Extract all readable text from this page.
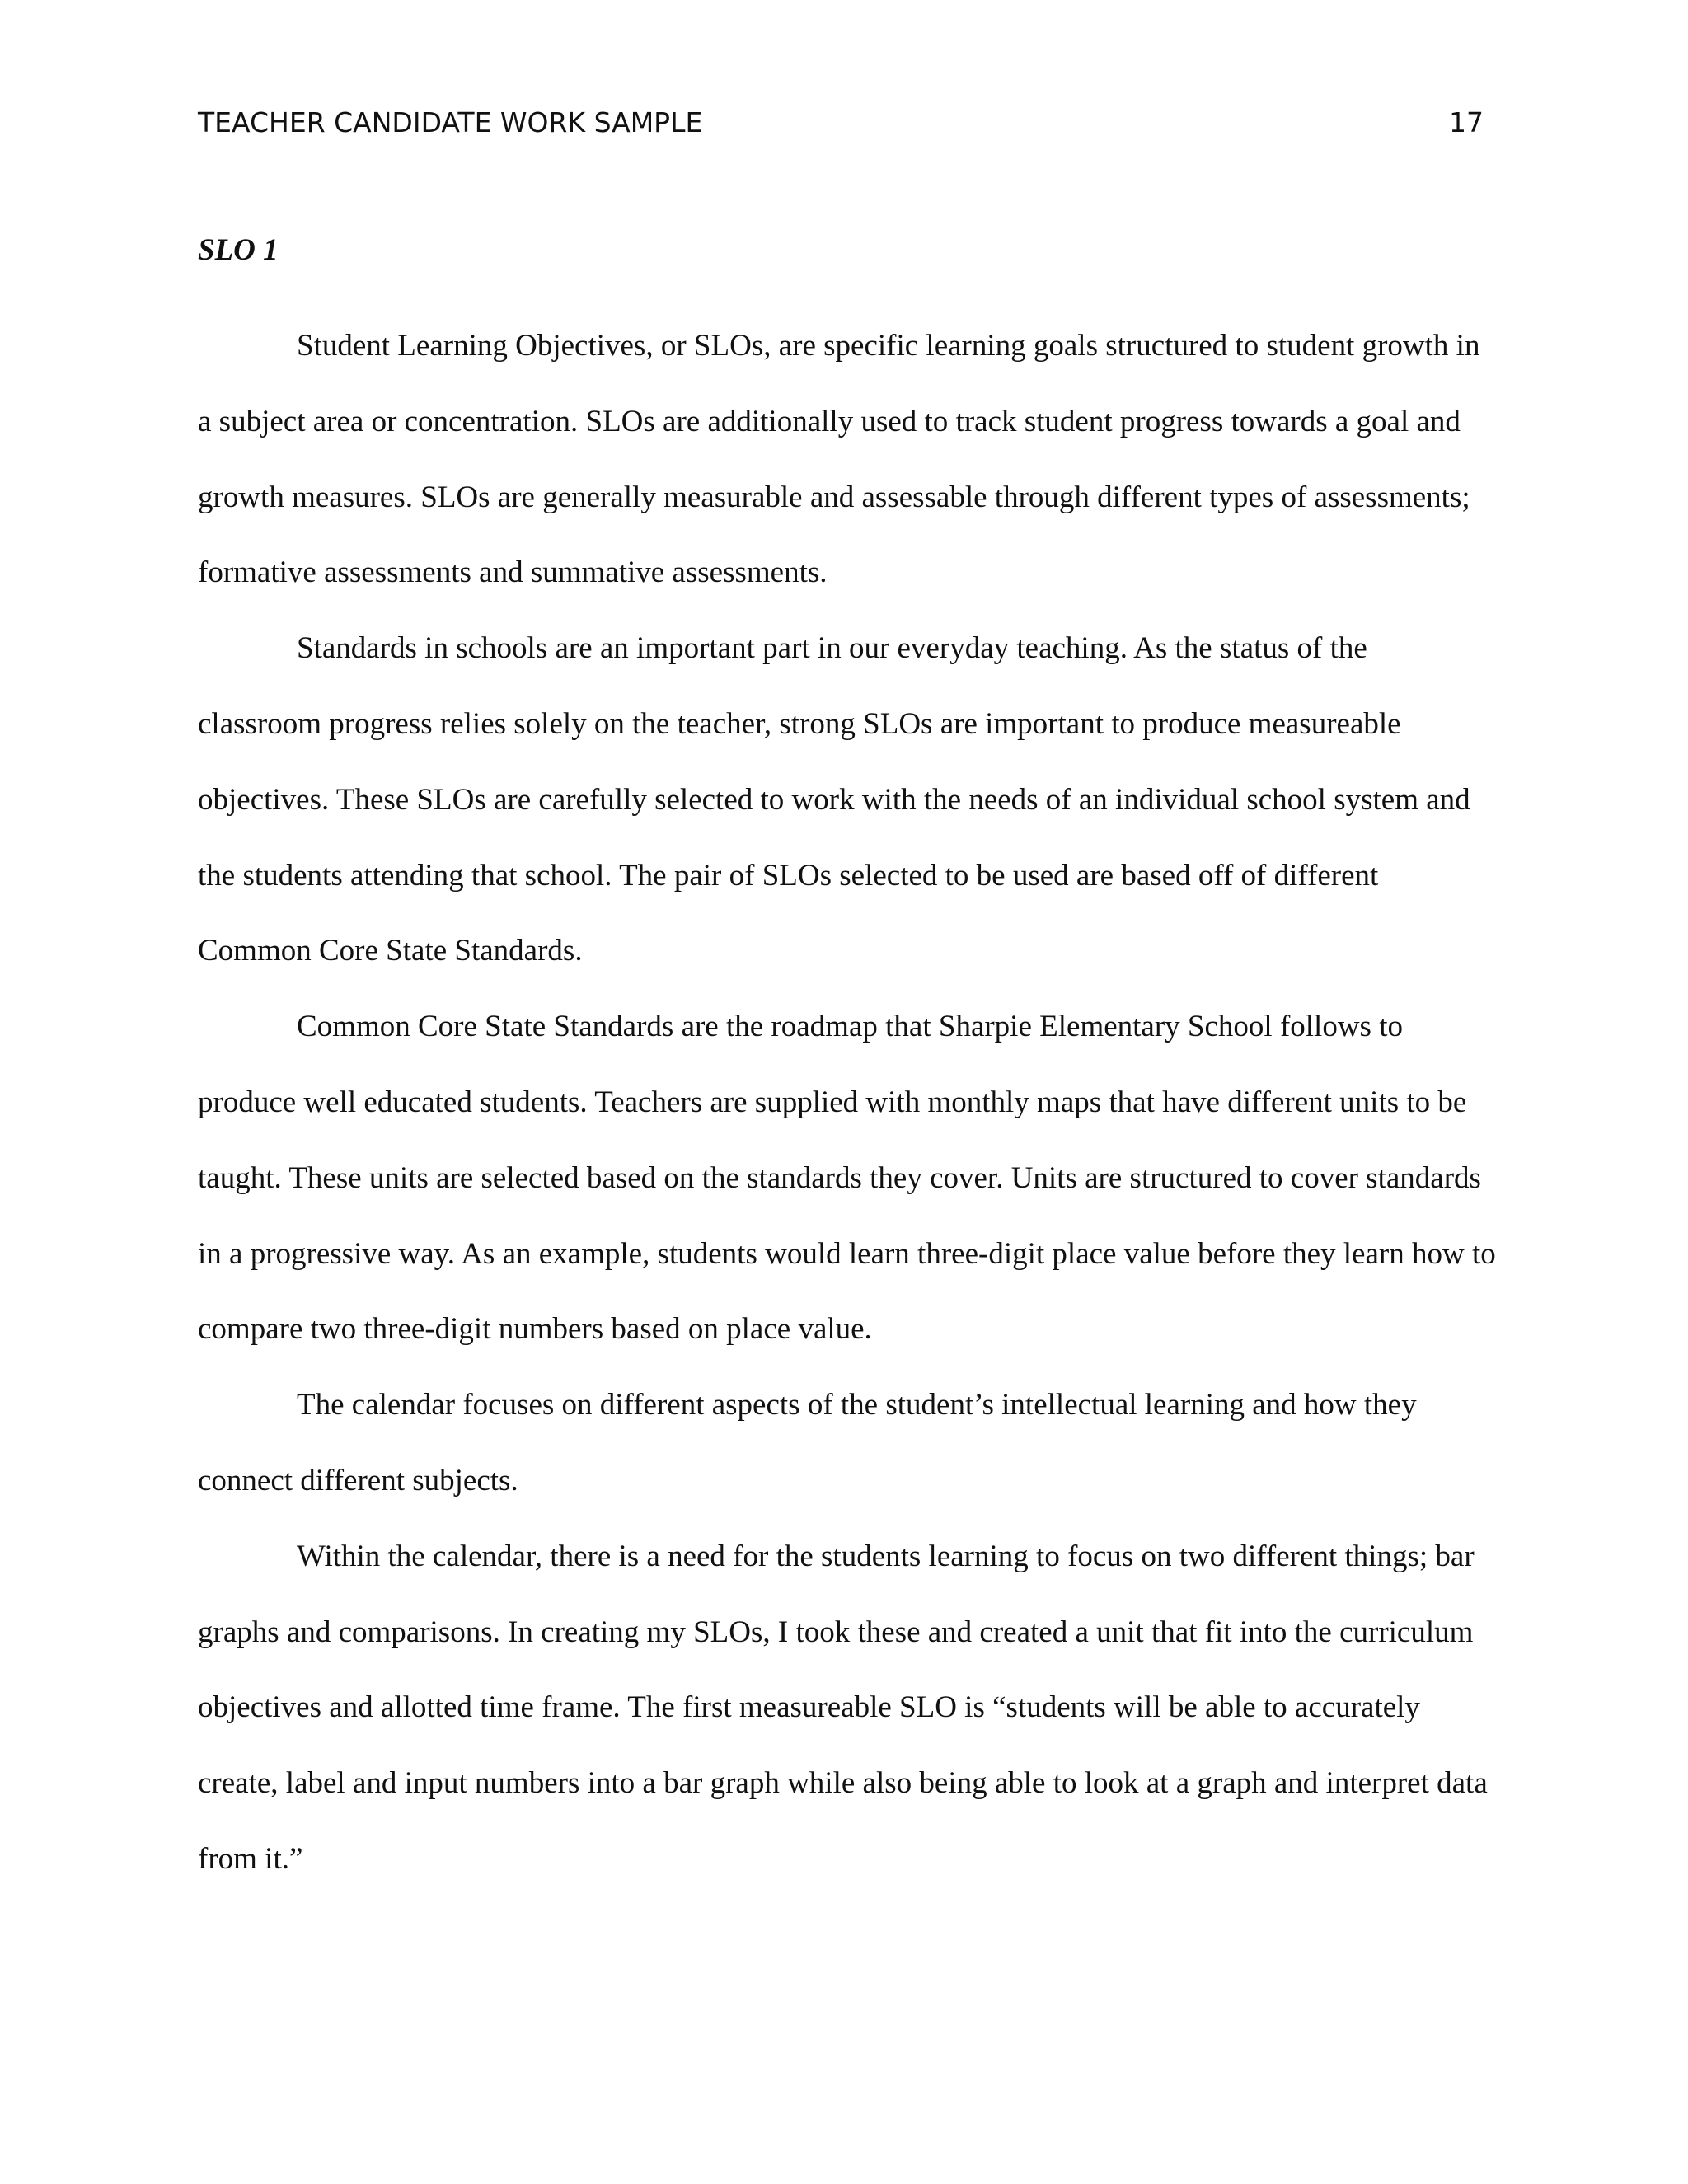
TEACHER CANDIDATE WORK SAMPLE	17
SLO 1

Student Learning Objectives, or SLOs, are specific learning goals structured to student growth in a subject area or concentration. SLOs are additionally used to track student progress towards a goal and growth measures. SLOs are generally measurable and assessable through different types of assessments; formative assessments and summative assessments.

Standards in schools are an important part in our everyday teaching. As the status of the classroom progress relies solely on the teacher, strong SLOs are important to produce measureable objectives. These SLOs are carefully selected to work with the needs of an individual school system and the students attending that school. The pair of SLOs selected to be used are based off of different Common Core State Standards.

Common Core State Standards are the roadmap that Sharpie Elementary School follows to produce well educated students. Teachers are supplied with monthly maps that have different units to be taught. These units are selected based on the standards they cover. Units are structured to cover standards in a progressive way. As an example, students would learn three-digit place value before they learn how to compare two three-digit numbers based on place value.

The calendar focuses on different aspects of the student’s intellectual learning and how they connect different subjects.

Within the calendar, there is a need for the students learning to focus on two different things; bar graphs and comparisons. In creating my SLOs, I took these and created a unit that fit into the curriculum objectives and allotted time frame. The first measureable SLO is “students will be able to accurately create, label and input numbers into a bar graph while also being able to look at a graph and interpret data from it.”
